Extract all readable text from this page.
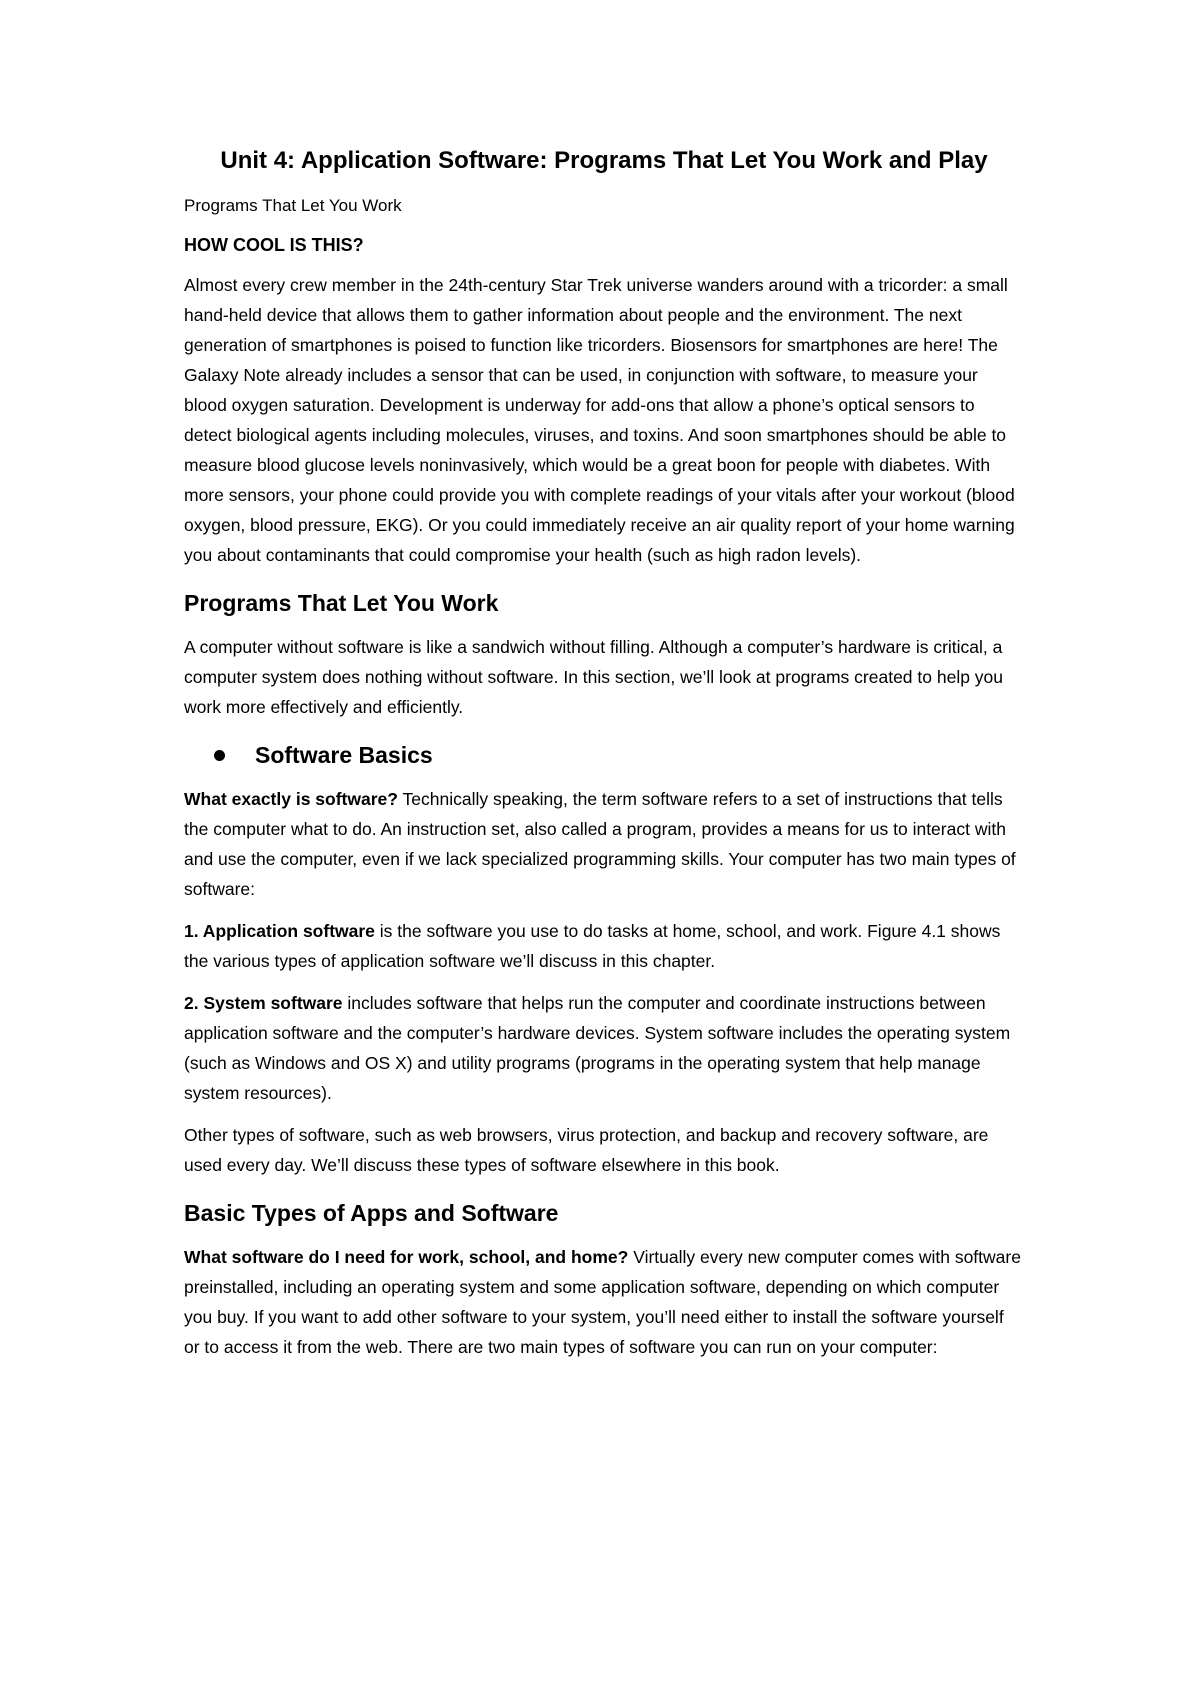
Unit 4: Application Software: Programs That Let You Work and Play
Programs That Let You Work
HOW COOL IS THIS?

Almost every crew member in the 24th-century Star Trek universe wanders around with a tricorder: a small hand-held device that allows them to gather information about people and the environment. The next generation of smartphones is poised to function like tricorders. Biosensors for smartphones are here! The Galaxy Note already includes a sensor that can be used, in conjunction with software, to measure your blood oxygen saturation. Development is underway for add-ons that allow a phone’s optical sensors to detect biological agents including molecules, viruses, and toxins. And soon smartphones should be able to measure blood glucose levels noninvasively, which would be a great boon for people with diabetes. With more sensors, your phone could provide you with complete readings of your vitals after your workout (blood oxygen, blood pressure, EKG). Or you could immediately receive an air quality report of your home warning you about contaminants that could compromise your health (such as high radon levels).

Programs That Let You Work

A computer without software is like a sandwich without filling. Although a computer’s hardware is critical, a computer system does nothing without software. In this section, we’ll look at programs created to help you work more effectively and efficiently.

Software Basics

What exactly is software? Technically speaking, the term software refers to a set of instructions that tells the computer what to do. An instruction set, also called a program, provides a means for us to interact with and use the computer, even if we lack specialized programming skills. Your computer has two main types of software:

1. Application software is the software you use to do tasks at home, school, and work. Figure 4.1 shows the various types of application software we’ll discuss in this chapter.

2. System software includes software that helps run the computer and coordinate instructions between application software and the computer’s hardware devices. System software includes the operating system (such as Windows and OS X) and utility programs (programs in the operating system that help manage system resources).

Other types of software, such as web browsers, virus protection, and backup and recovery software, are used every day. We’ll discuss these types of software elsewhere in this book.

Basic Types of Apps and Software

What software do I need for work, school, and home? Virtually every new computer comes with software preinstalled, including an operating system and some application software, depending on which computer you buy. If you want to add other software to your system, you’ll need either to install the software yourself or to access it from the web. There are two main types of software you can run on your computer:
